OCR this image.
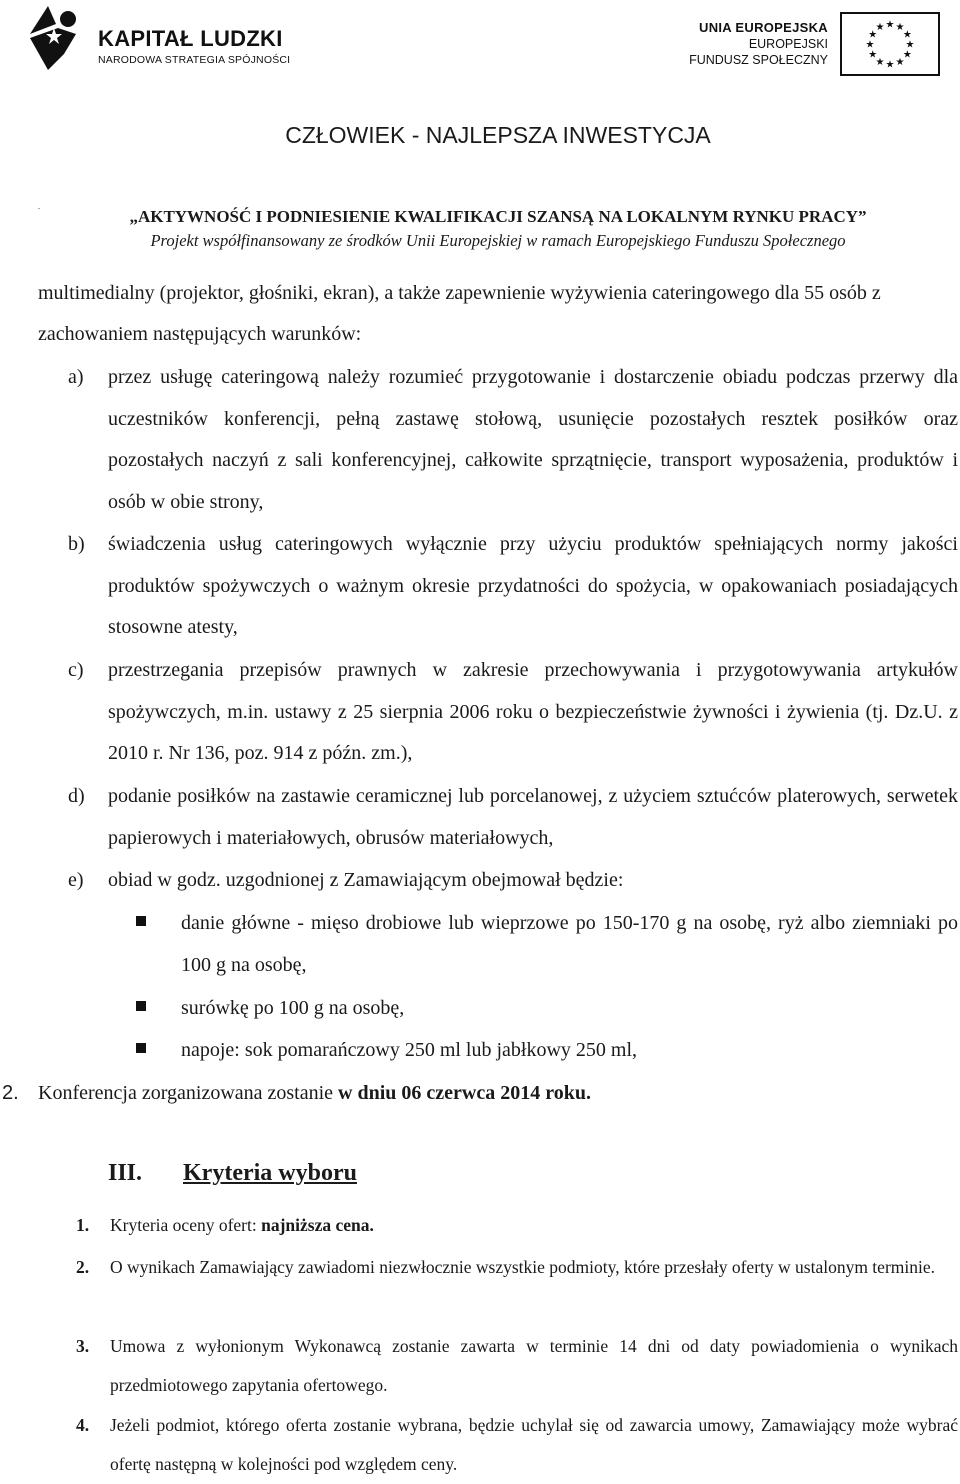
KAPITAŁ LUDZKI
NARODOWA STRATEGIA SPÓJNOŚCI
UNIA EUROPEJSKA
EUROPEJSKI
FUNDUSZ SPOŁECZNY
★
★
★
★
★
★
★
★
★ ★ ★
★
CZŁOWIEK - NAJLEPSZA INWESTYCJA
.
„AKTYWNOŚĆ I PODNIESIENIE KWALIFIKACJI SZANSĄ NA LOKALNYM RYNKU PRACY”
Projekt współfinansowany ze środków Unii Europejskiej w ramach Europejskiego Funduszu Społecznego
multimedialny (projektor, głośniki, ekran), a także zapewnienie wyżywienia cateringowego dla 55 osób z zachowaniem następujących warunków:
a) przez usługę cateringową należy rozumieć przygotowanie i dostarczenie obiadu podczas przerwy dla uczestników konferencji, pełną zastawę stołową, usunięcie pozostałych resztek posiłków oraz pozostałych naczyń z sali konferencyjnej, całkowite sprzątnięcie, transport wyposażenia, produktów i osób w obie strony,
b) świadczenia usług cateringowych wyłącznie przy użyciu produktów spełniających normy jakości produktów spożywczych o ważnym okresie przydatności do spożycia, w opakowaniach posiadających stosowne atesty,
c) przestrzegania przepisów prawnych w zakresie przechowywania i przygotowywania artykułów spożywczych, m.in. ustawy z 25 sierpnia 2006 roku o bezpieczeństwie żywności i żywienia (tj. Dz.U. z 2010 r. Nr 136, poz. 914 z późn. zm.),
d) podanie posiłków na zastawie ceramicznej lub porcelanowej, z użyciem sztućców platerowych, serwetek papierowych i materiałowych, obrusów materiałowych,
e) obiad w godz. uzgodnionej z Zamawiającym obejmował będzie:
danie główne - mięso drobiowe lub wieprzowe po 150-170 g na osobę, ryż albo ziemniaki po 100 g na osobę,
surówkę po 100 g na osobę,
napoje: sok pomarańczowy 250 ml lub jabłkowy 250 ml,
2. Konferencja zorganizowana zostanie w dniu 06 czerwca 2014 roku.
III. Kryteria wyboru
1. Kryteria oceny ofert: najniższa cena.
2. O wynikach Zamawiający zawiadomi niezwłocznie wszystkie podmioty, które przesłały oferty w ustalonym terminie.
3. Umowa z wyłonionym Wykonawcą zostanie zawarta w terminie 14 dni od daty powiadomienia o wynikach przedmiotowego zapytania ofertowego.
4. Jeżeli podmiot, którego oferta zostanie wybrana, będzie uchylał się od zawarcia umowy, Zamawiający może wybrać ofertę następną w kolejności pod względem ceny.
